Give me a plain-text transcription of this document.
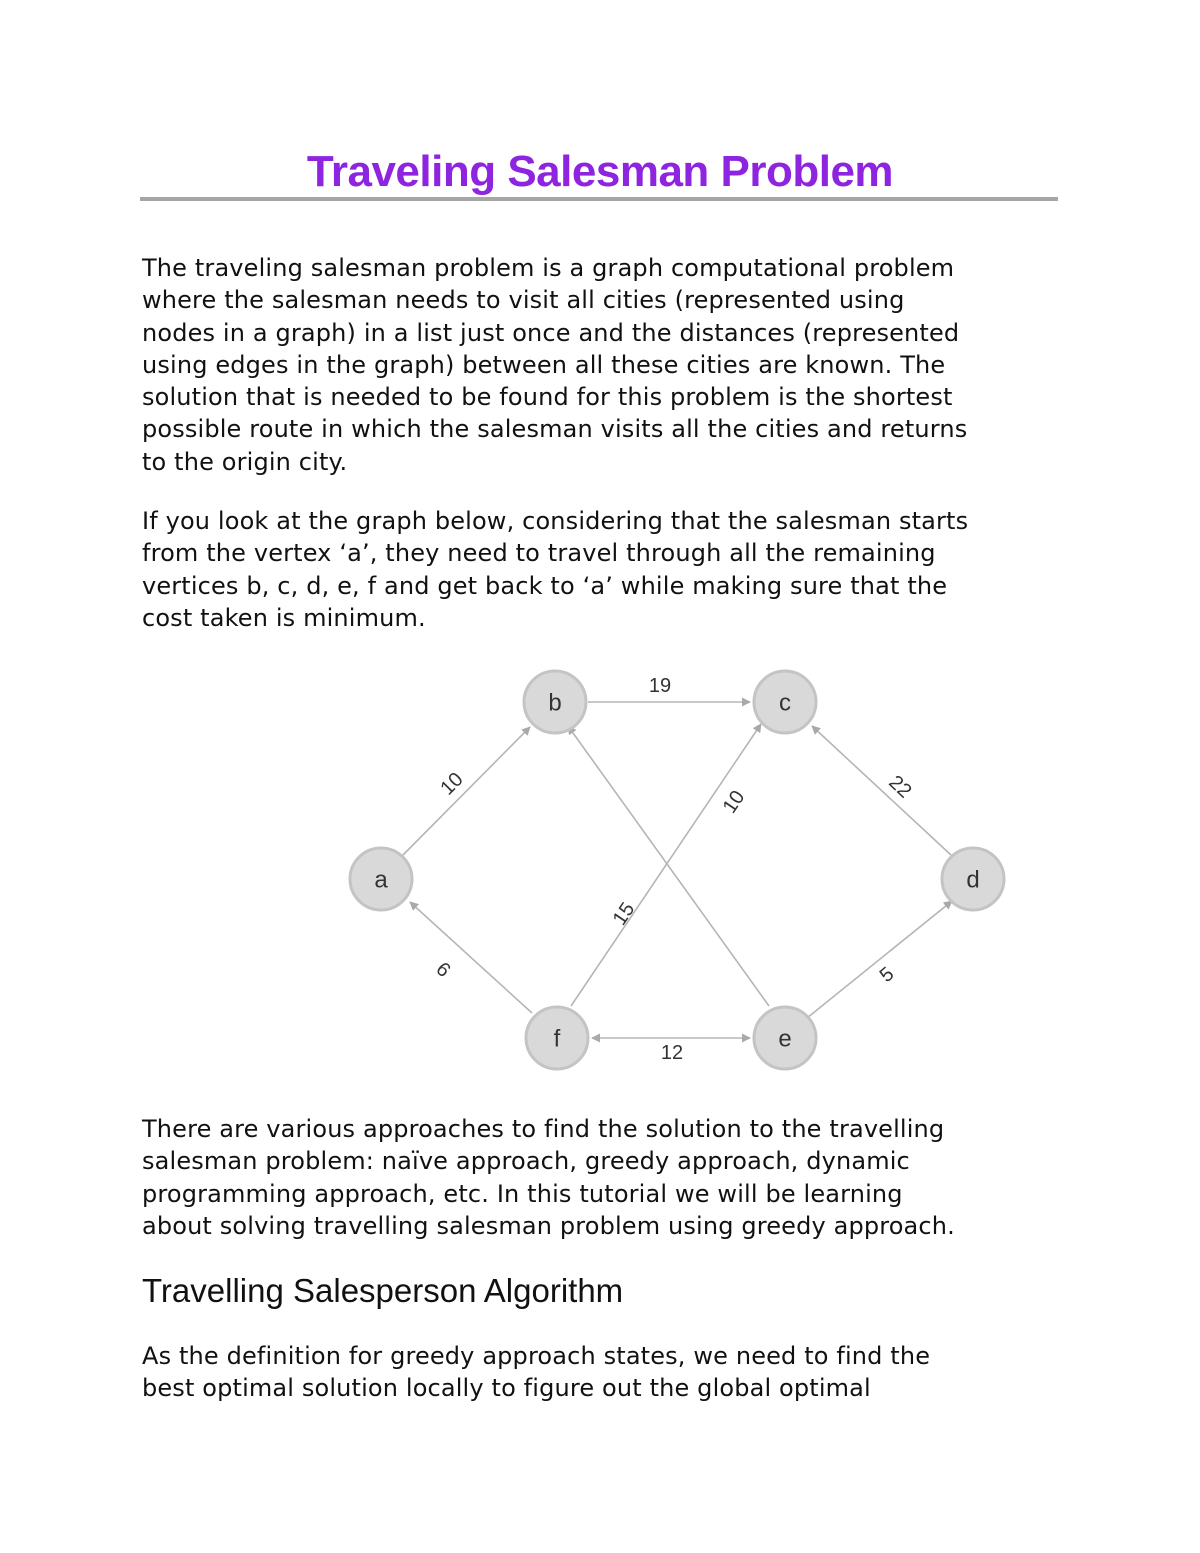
Traveling Salesman Problem

The traveling salesman problem is a graph computational problem
where the salesman needs to visit all cities (represented using
nodes in a graph) in a list just once and the distances (represented
using edges in the graph) between all these cities are known. The
solution that is needed to be found for this problem is the shortest
possible route in which the salesman visits all the cities and returns
to the origin city.

If you look at the graph below, considering that the salesman starts
from the vertex ‘a’, they need to travel through all the remaining
vertices b, c, d, e, f and get back to ‘a’ while making sure that the
cost taken is minimum.

10
19
22
10
15
6	5
12
a
b	c
d
e
f

There are various approaches to find the solution to the travelling
salesman problem: naïve approach, greedy approach, dynamic
programming approach, etc. In this tutorial we will be learning
about solving travelling salesman problem using greedy approach.

Travelling Salesperson Algorithm

As the definition for greedy approach states, we need to find the
best optimal solution locally to figure out the global optimal
